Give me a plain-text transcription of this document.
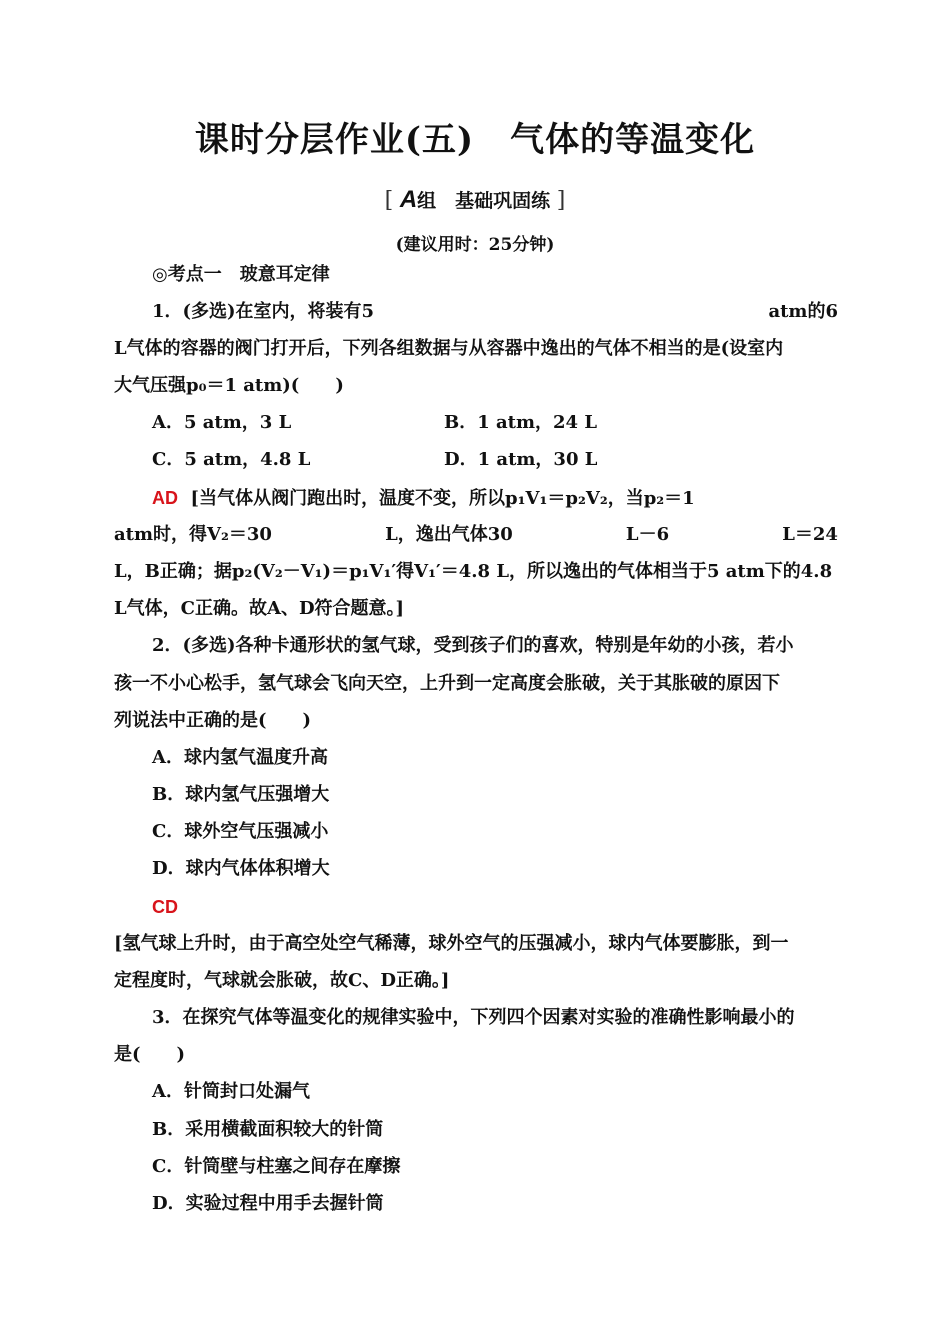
课时分层作业(五) 气体的等温变化
[ A组　基础巩固练 ]
(建议用时：25分钟)
◎考点一　玻意耳定律
1．(多选)在室内，将装有5	atm的6
L气体的容器的阀门打开后，下列各组数据与从容器中逸出的气体不相当的是(设室内
大气压强p₀＝1 atm)(　　)
A．5 atm，3 L	B．1 atm，24 L
C．5 atm，4.8 L	D．1 atm，30 L
AD [当气体从阀门跑出时，温度不变，所以p₁V₁＝p₂V₂，当p₂＝1
atm时，得V₂＝30	L，逸出气体30	L－6	L＝24
L，B正确；据p₂(V₂－V₁)＝p₁V₁′得V₁′＝4.8 L，所以逸出的气体相当于5 atm下的4.8
L气体，C正确。故A、D符合题意。]
2．(多选)各种卡通形状的氢气球，受到孩子们的喜欢，特别是年幼的小孩，若小
孩一不小心松手，氢气球会飞向天空，上升到一定高度会胀破，关于其胀破的原因下
列说法中正确的是(　　)
A．球内氢气温度升高
B．球内氢气压强增大
C．球外空气压强减小
D．球内气体体积增大
CD
[氢气球上升时，由于高空处空气稀薄，球外空气的压强减小，球内气体要膨胀，到一
定程度时，气球就会胀破，故C、D正确。]
3．在探究气体等温变化的规律实验中，下列四个因素对实验的准确性影响最小的
是(　　)
A．针筒封口处漏气
B．采用横截面积较大的针筒
C．针筒壁与柱塞之间存在摩擦
D．实验过程中用手去握针筒
